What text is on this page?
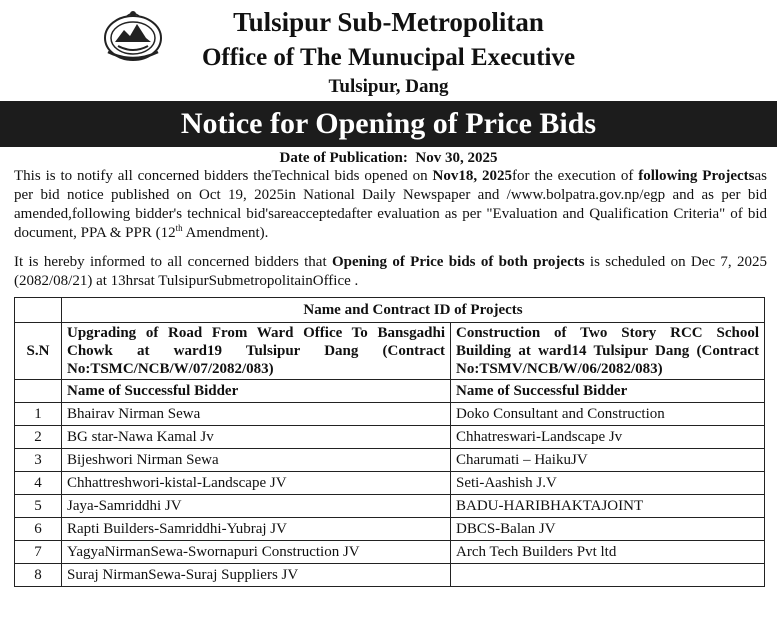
Tulsipur Sub-Metropolitan
Office of The Munucipal Executive
Tulsipur, Dang
Notice for Opening of Price Bids
Date of Publication: Nov 30, 2025
This is to notify all concerned bidders theTechnical bids opened on Nov18, 2025for the execution of following Projectsas per bid notice published on Oct 19, 2025in National Daily Newspaper and /www.bolpatra.gov.np/egp and as per bid amended,following bidder's technical bid'sareacceptedafter evaluation as per "Evaluation and Qualification Criteria" of bid document, PPA & PPR (12th Amendment).
It is hereby informed to all concerned bidders that Opening of Price bids of both projects is scheduled on Dec 7, 2025 (2082/08/21) at 13hrsat TulsipurSubmetropolitainOffice .
	Name and Contract ID of Projects	
S.N	Upgrading of Road From Ward Office To Bansgadhi Chowk at ward19 Tulsipur Dang (Contract No:TSMC/NCB/W/07/2082/083)	Construction of Two Story RCC School Building at ward14 Tulsipur Dang (Contract No:TSMV/NCB/W/06/2082/083)
	Name of Successful Bidder	Name of Successful Bidder
1	Bhairav Nirman Sewa	Doko Consultant and Construction
2	BG star-Nawa Kamal Jv	Chhatreswari-Landscape Jv
3	Bijeshwori Nirman Sewa	Charumati – HaikuJV
4	Chhattreshwori-kistal-Landscape JV	Seti-Aashish J.V
5	Jaya-Samriddhi JV	BADU-HARIBHAKTAJOINT
6	Rapti Builders-Samriddhi-Yubraj JV	DBCS-Balan JV
7	YagyaNirmanSewa-Swornapuri Construction JV	Arch Tech Builders Pvt ltd
8	Suraj NirmanSewa-Suraj Suppliers JV	
